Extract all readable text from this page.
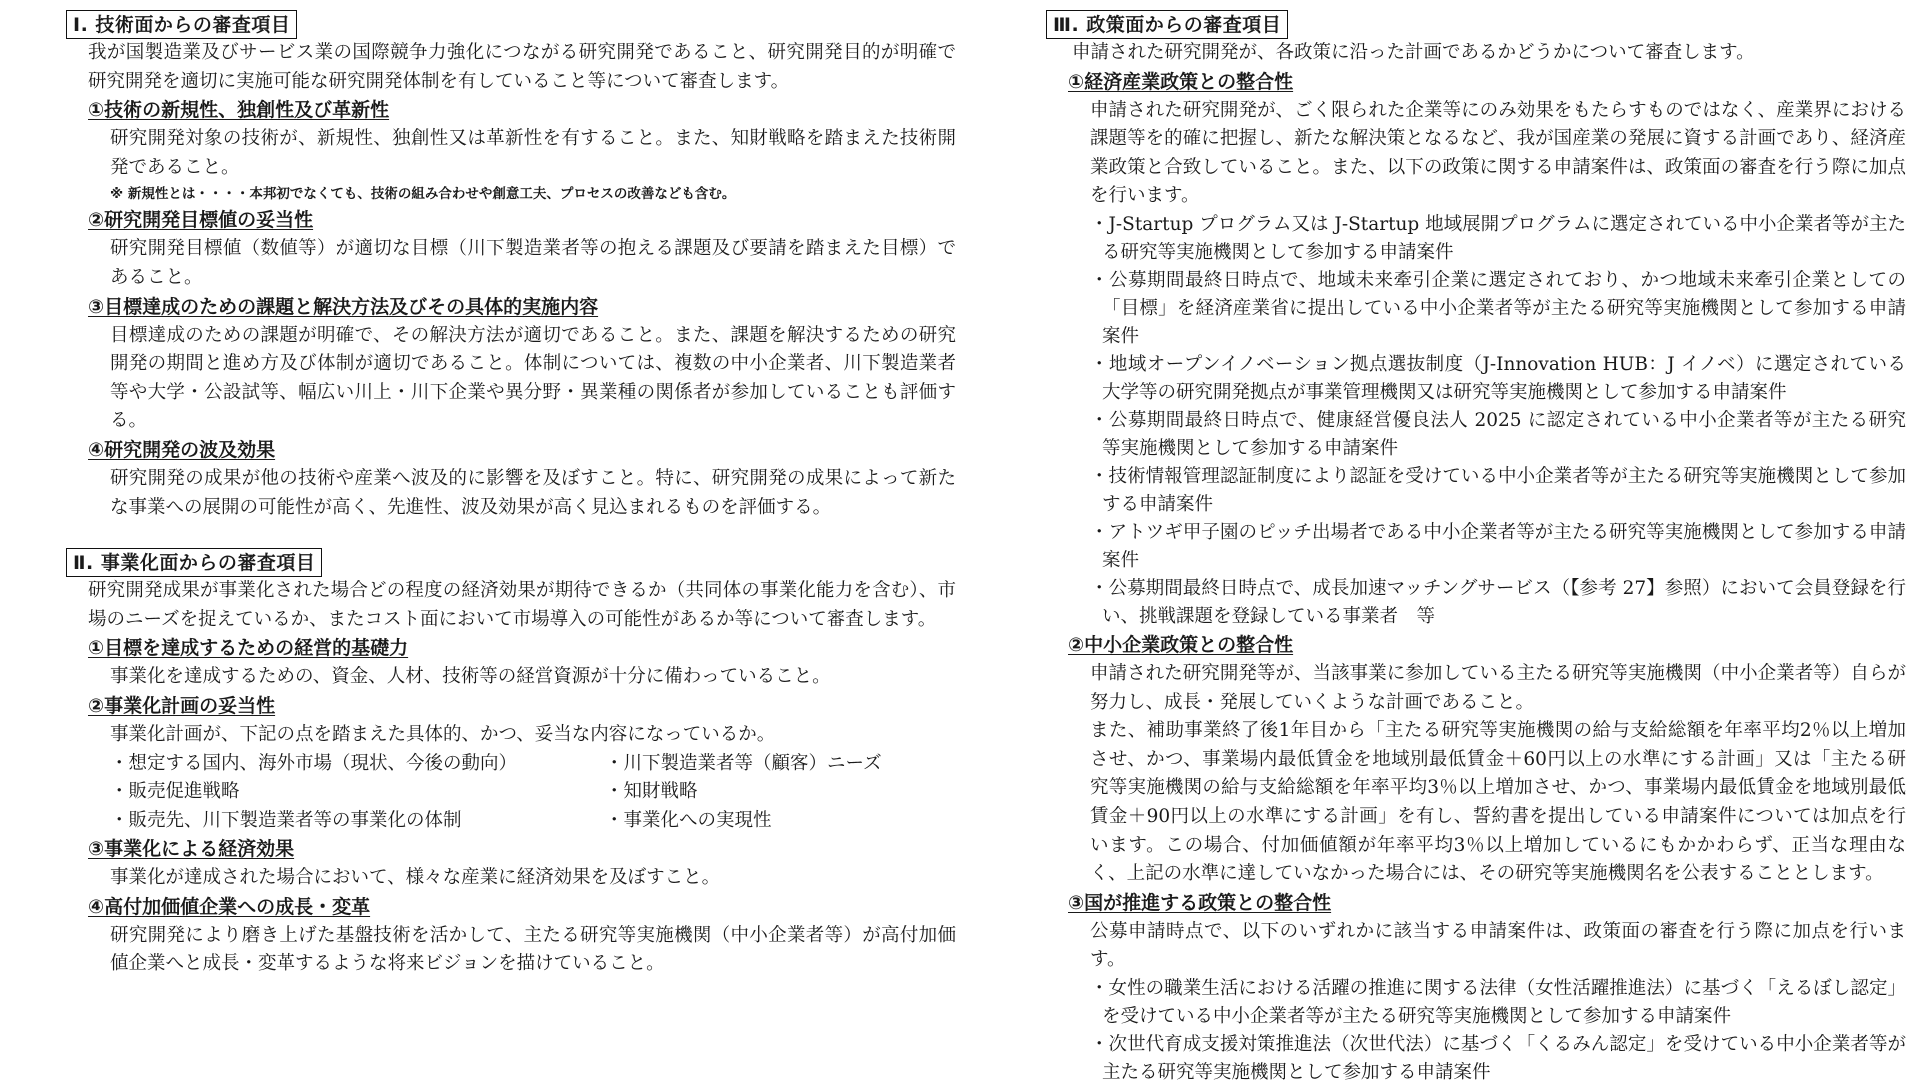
Ⅰ. 技術面からの審査項目
我が国製造業及びサービス業の国際競争力強化につながる研究開発であること、研究開発目的が明確で研究開発を適切に実施可能な研究開発体制を有していること等について審査します。
①技術の新規性、独創性及び革新性
研究開発対象の技術が、新規性、独創性又は革新性を有すること。また、知財戦略を踏まえた技術開発であること。
※ 新規性とは・・・・本邦初でなくても、技術の組み合わせや創意工夫、プロセスの改善なども含む。
②研究開発目標値の妥当性
研究開発目標値（数値等）が適切な目標（川下製造業者等の抱える課題及び要請を踏まえた目標）であること。
③目標達成のための課題と解決方法及びその具体的実施内容
目標達成のための課題が明確で、その解決方法が適切であること。また、課題を解決するための研究開発の期間と進め方及び体制が適切であること。体制については、複数の中小企業者、川下製造業者等や大学・公設試等、幅広い川上・川下企業や異分野・異業種の関係者が参加していることも評価する。
④研究開発の波及効果
研究開発の成果が他の技術や産業へ波及的に影響を及ぼすこと。特に、研究開発の成果によって新たな事業への展開の可能性が高く、先進性、波及効果が高く見込まれるものを評価する。
Ⅱ. 事業化面からの審査項目
研究開発成果が事業化された場合どの程度の経済効果が期待できるか（共同体の事業化能力を含む）、市場のニーズを捉えているか、またコスト面において市場導入の可能性があるか等について審査します。
①目標を達成するための経営的基礎力
事業化を達成するための、資金、人材、技術等の経営資源が十分に備わっていること。
②事業化計画の妥当性
事業化計画が、下記の点を踏まえた具体的、かつ、妥当な内容になっているか。
・想定する国内、海外市場（現状、今後の動向）	・川下製造業者等（顧客）ニーズ
・販売促進戦略	・知財戦略
・販売先、川下製造業者等の事業化の体制	・事業化への実現性
③事業化による経済効果
事業化が達成された場合において、様々な産業に経済効果を及ぼすこと。
④高付加価値企業への成長・変革
研究開発により磨き上げた基盤技術を活かして、主たる研究等実施機関（中小企業者等）が高付加価値企業へと成長・変革するような将来ビジョンを描けていること。
Ⅲ. 政策面からの審査項目
申請された研究開発が、各政策に沿った計画であるかどうかについて審査します。
①経済産業政策との整合性
申請された研究開発が、ごく限られた企業等にのみ効果をもたらすものではなく、産業界における課題等を的確に把握し、新たな解決策となるなど、我が国産業の発展に資する計画であり、経済産業政策と合致していること。また、以下の政策に関する申請案件は、政策面の審査を行う際に加点を行います。
・J-Startup プログラム又は J-Startup 地域展開プログラムに選定されている中小企業者等が主たる研究等実施機関として参加する申請案件
・公募期間最終日時点で、地域未来牽引企業に選定されており、かつ地域未来牽引企業としての「目標」を経済産業省に提出している中小企業者等が主たる研究等実施機関として参加する申請案件
・地域オープンイノベーション拠点選抜制度（J-Innovation HUB：J イノベ）に選定されている大学等の研究開発拠点が事業管理機関又は研究等実施機関として参加する申請案件
・公募期間最終日時点で、健康経営優良法人 2025 に認定されている中小企業者等が主たる研究等実施機関として参加する申請案件
・技術情報管理認証制度により認証を受けている中小企業者等が主たる研究等実施機関として参加する申請案件
・アトツギ甲子園のピッチ出場者である中小企業者等が主たる研究等実施機関として参加する申請案件
・公募期間最終日時点で、成長加速マッチングサービス（【参考 27】参照）において会員登録を行い、挑戦課題を登録している事業者　等
②中小企業政策との整合性
申請された研究開発等が、当該事業に参加している主たる研究等実施機関（中小企業者等）自らが努力し、成長・発展していくような計画であること。
また、補助事業終了後1年目から「主たる研究等実施機関の給与支給総額を年率平均2％以上増加させ、かつ、事業場内最低賃金を地域別最低賃金＋60円以上の水準にする計画」又は「主たる研究等実施機関の給与支給総額を年率平均3％以上増加させ、かつ、事業場内最低賃金を地域別最低賃金＋90円以上の水準にする計画」を有し、誓約書を提出している申請案件については加点を行います。この場合、付加価値額が年率平均3％以上増加しているにもかかわらず、正当な理由なく、上記の水準に達していなかった場合には、その研究等実施機関名を公表することとします。
③国が推進する政策との整合性
公募申請時点で、以下のいずれかに該当する申請案件は、政策面の審査を行う際に加点を行います。
・女性の職業生活における活躍の推進に関する法律（女性活躍推進法）に基づく「えるぼし認定」を受けている中小企業者等が主たる研究等実施機関として参加する申請案件
・次世代育成支援対策推進法（次世代法）に基づく「くるみん認定」を受けている中小企業者等が主たる研究等実施機関として参加する申請案件
